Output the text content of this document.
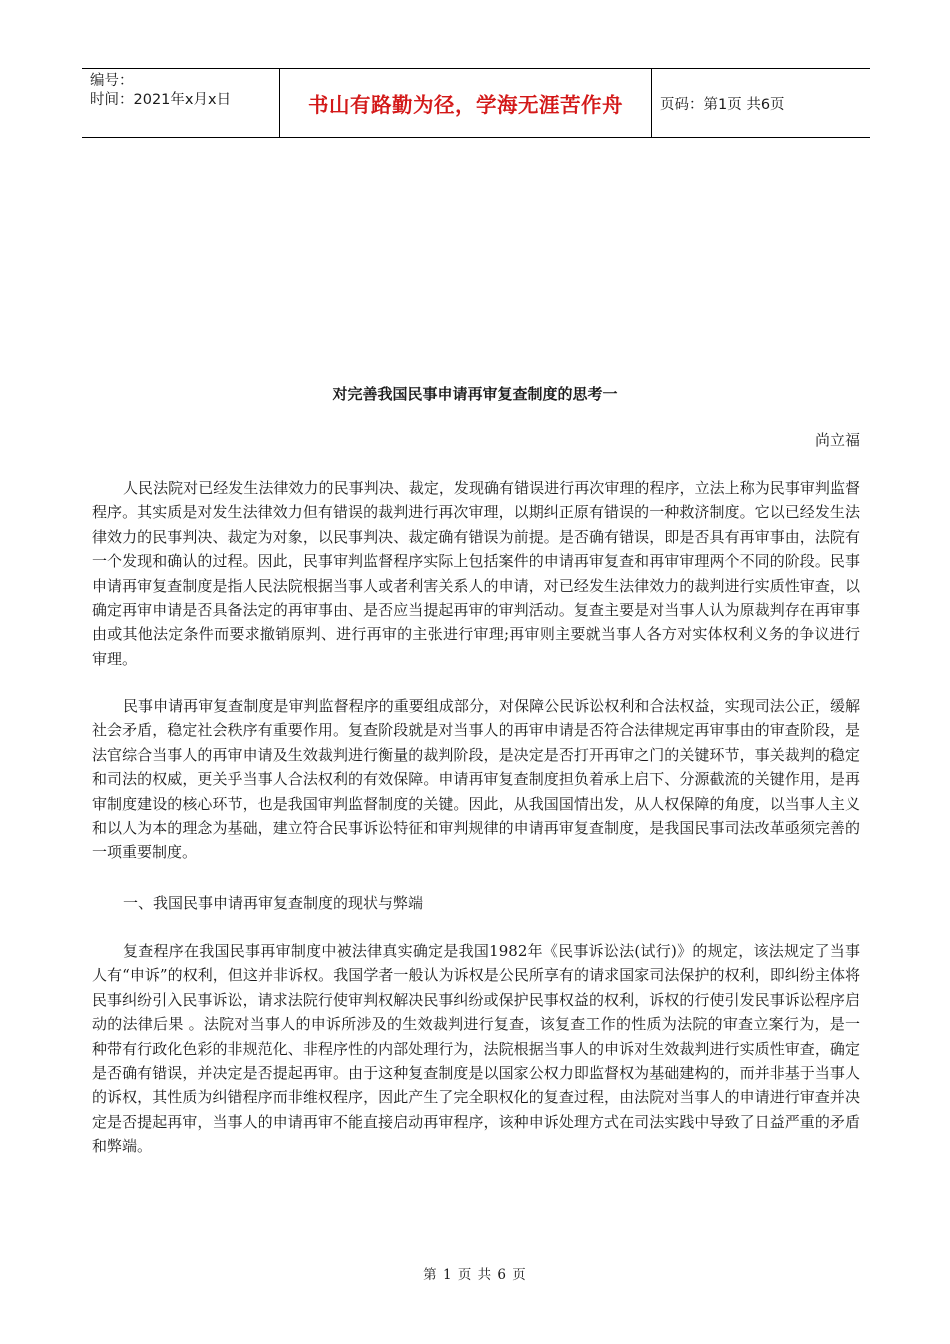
编号：
时间：2021年x月x日	书山有路勤为径，学海无涯苦作舟	页码：第1页 共6页
对完善我国民事申请再审复查制度的思考一
尚立福

人民法院对已经发生法律效力的民事判决、裁定，发现确有错误进行再次审理的程序，立法上称为民事审判监督程序。其实质是对发生法律效力但有错误的裁判进行再次审理，以期纠正原有错误的一种救济制度。它以已经发生法律效力的民事判决、裁定为对象，以民事判决、裁定确有错误为前提。是否确有错误，即是否具有再审事由，法院有一个发现和确认的过程。因此，民事审判监督程序实际上包括案件的申请再审复查和再审审理两个不同的阶段。民事申请再审复查制度是指人民法院根据当事人或者利害关系人的申请，对已经发生法律效力的裁判进行实质性审查，以确定再审申请是否具备法定的再审事由、是否应当提起再审的审判活动。复查主要是对当事人认为原裁判存在再审事由或其他法定条件而要求撤销原判、进行再审的主张进行审理;再审则主要就当事人各方对实体权利义务的争议进行审理。

民事申请再审复查制度是审判监督程序的重要组成部分，对保障公民诉讼权利和合法权益，实现司法公正，缓解社会矛盾，稳定社会秩序有重要作用。复查阶段就是对当事人的再审申请是否符合法律规定再审事由的审查阶段，是法官综合当事人的再审申请及生效裁判进行衡量的裁判阶段，是决定是否打开再审之门的关键环节，事关裁判的稳定和司法的权威，更关乎当事人合法权利的有效保障。申请再审复查制度担负着承上启下、分源截流的关键作用，是再审制度建设的核心环节，也是我国审判监督制度的关键。因此，从我国国情出发，从人权保障的角度，以当事人主义和以人为本的理念为基础，建立符合民事诉讼特征和审判规律的申请再审复查制度，是我国民事司法改革亟须完善的一项重要制度。

一、我国民事申请再审复查制度的现状与弊端

复查程序在我国民事再审制度中被法律真实确定是我国1982年《民事诉讼法(试行)》的规定，该法规定了当事人有“申诉”的权利，但这并非诉权。我国学者一般认为诉权是公民所享有的请求国家司法保护的权利，即纠纷主体将民事纠纷引入民事诉讼，请求法院行使审判权解决民事纠纷或保护民事权益的权利，诉权的行使引发民事诉讼程序启动的法律后果 。法院对当事人的申诉所涉及的生效裁判进行复查，该复查工作的性质为法院的审查立案行为，是一种带有行政化色彩的非规范化、非程序性的内部处理行为，法院根据当事人的申诉对生效裁判进行实质性审查，确定是否确有错误，并决定是否提起再审。由于这种复查制度是以国家公权力即监督权为基础建构的，而并非基于当事人的诉权，其性质为纠错程序而非维权程序，因此产生了完全职权化的复查过程，由法院对当事人的申请进行审查并决定是否提起再审，当事人的申请再审不能直接启动再审程序，该种申诉处理方式在司法实践中导致了日益严重的矛盾和弊端。

第 1 页 共 6 页
